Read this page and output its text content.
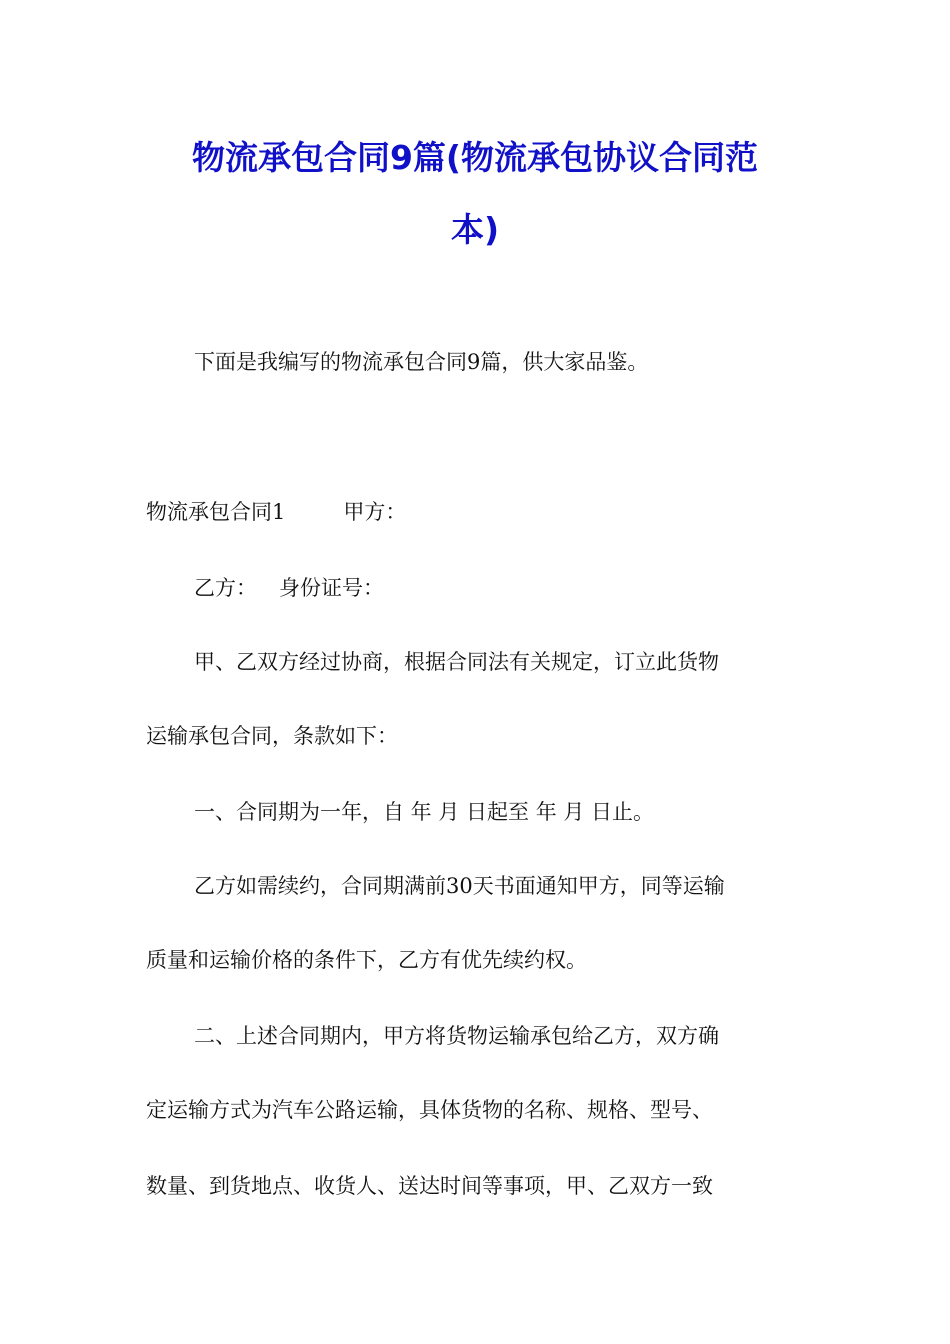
物流承包合同9篇(物流承包协议合同范
本)
下面是我编写的物流承包合同9篇，供大家品鉴。
物流承包合同1	甲方：
乙方： 身份证号：
甲、乙双方经过协商，根据合同法有关规定，订立此货物
运输承包合同，条款如下：
一、合同期为一年，自 年 月 日起至 年 月 日止。
乙方如需续约，合同期满前30天书面通知甲方，同等运输
质量和运输价格的条件下，乙方有优先续约权。
二、上述合同期内，甲方将货物运输承包给乙方，双方确
定运输方式为汽车公路运输，具体货物的名称、规格、型号、
数量、到货地点、收货人、送达时间等事项，甲、乙双方一致
